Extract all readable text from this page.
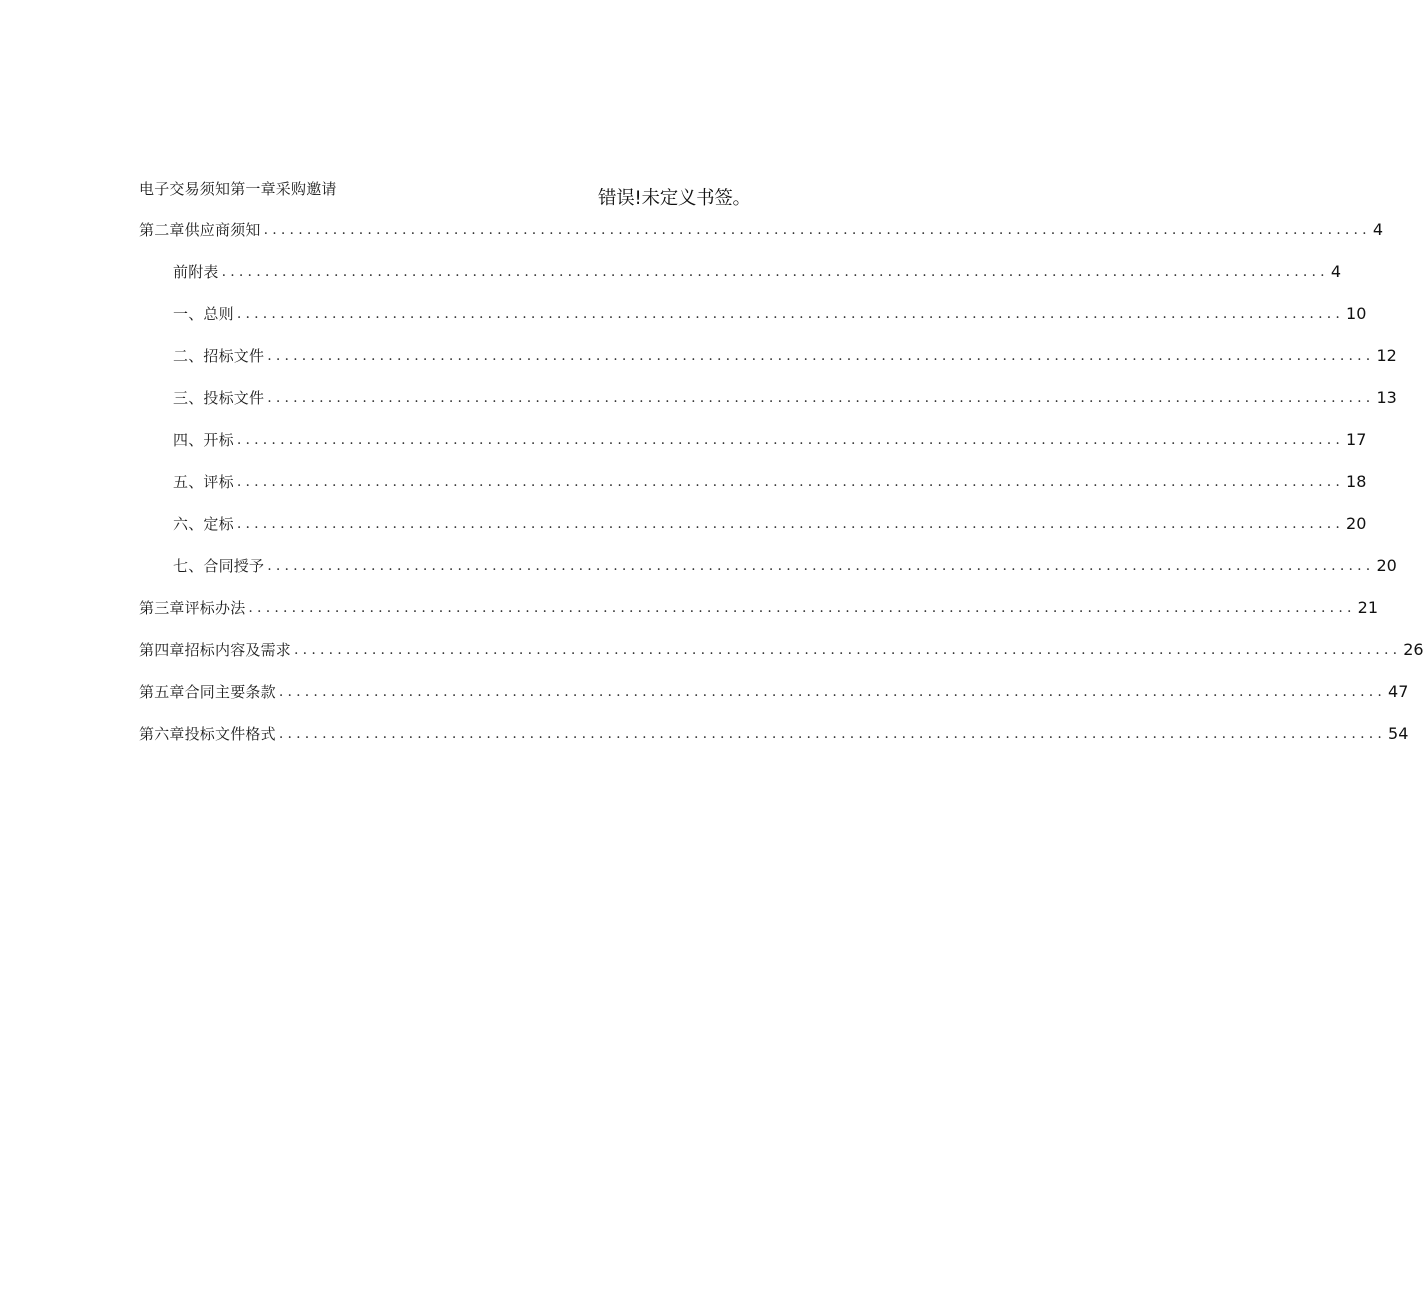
电子交易须知第一章采购邀请	错误!未定义书签。
第二章供应商须知 ................................................................................................................................ 4
前附表 ................................................................................................................................ 4
一、总则 ................................................................................................................................ 10
二、招标文件 ................................................................................................................................ 12
三、投标文件 ................................................................................................................................ 13
四、开标 ................................................................................................................................ 17
五、评标 ................................................................................................................................ 18
六、定标 ................................................................................................................................ 20
七、合同授予 ................................................................................................................................ 20
第三章评标办法 ................................................................................................................................ 21
第四章招标内容及需求 ................................................................................................................................ 26
第五章合同主要条款 ................................................................................................................................ 47
第六章投标文件格式 ................................................................................................................................ 54
